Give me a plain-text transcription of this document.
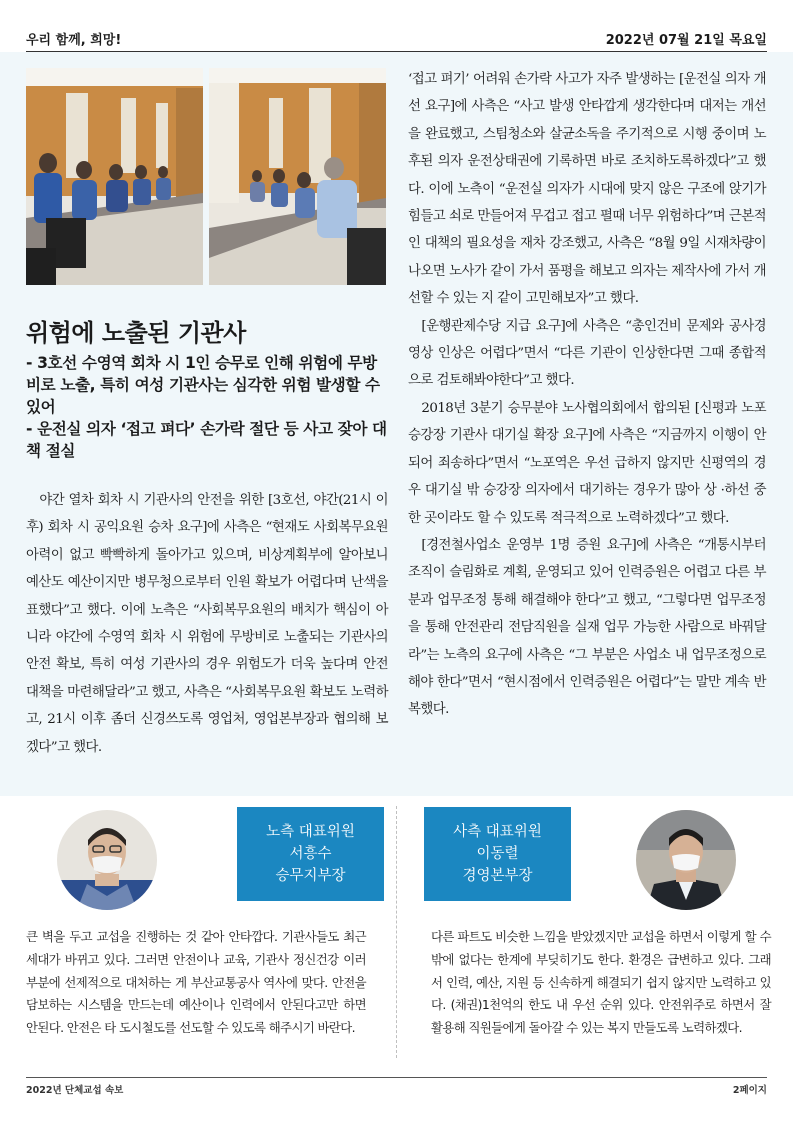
우리 함께, 희망!	2022년 07월 21일 목요일
위험에 노출된 기관사
- 3호선 수영역 회차 시 1인 승무로 인해 위험에 무방비로 노출, 특히 여성 기관사는 심각한 위험 발생할 수 있어
- 운전실 의자 ‘접고 펴다’ 손가락 절단 등 사고 잦아 대책 절실

야간 열차 회차 시 기관사의 안전을 위한 [3호선, 야간(21시 이후) 회차 시 공익요원 승차 요구]에 사측은 “현재도 사회복무요원 아력이 없고 빡빡하게 돌아가고 있으며, 비상계획부에 알아보니 예산도 예산이지만 병무청으로부터 인원 확보가 어렵다며 난색을 표했다”고 했다. 이에 노측은 “사회복무요원의 배치가 핵심이 아니라 야간에 수영역 회차 시 위험에 무방비로 노출되는 기관사의 안전 확보, 특히 여성 기관사의 경우 위험도가 더욱 높다며 안전 대책을 마련해달라”고 했고, 사측은 “사회복무요원 확보도 노력하고, 21시 이후 좀더 신경쓰도록 영업처, 영업본부장과 협의해 보겠다”고 했다.

‘접고 펴기’ 어려워 손가락 사고가 자주 발생하는 [운전실 의자 개선 요구]에 사측은 “사고 발생 안타깝게 생각한다며 대저는 개선을 완료했고, 스팀청소와 살균소독을 주기적으로 시행 중이며 노후된 의자 운전상태권에 기록하면 바로 조치하도록하겠다”고 했다. 이에 노측이 “운전실 의자가 시대에 맞지 않은 구조에 앉기가 힘들고 쇠로 만들어져 무겁고 접고 펼때 너무 위험하다”며 근본적인 대책의 필요성을 재차 강조했고, 사측은 “8월 9일 시재차량이 나오면 노사가 같이 가서 품평을 해보고 의자는 제작사에 가서 개선할 수 있는 지 같이 고민해보자”고 했다.

[운행관제수당 지급 요구]에 사측은 “총인건비 문제와 공사경영상 인상은 어렵다”면서 “다른 기관이 인상한다면 그때 종합적으로 검토해봐야한다”고 했다.

2018년 3분기 승무분야 노사협의회에서 합의된 [신평과 노포 승강장 기관사 대기실 확장 요구]에 사측은 “지금까지 이행이 안되어 죄송하다”면서 “노포역은 우선 급하지 않지만 신평역의 경우 대기실 밖 승강장 의자에서 대기하는 경우가 많아 상 ·하선 중 한 곳이라도 할 수 있도록 적극적으로 노력하겠다”고 했다.

[경전철사업소 운영부 1명 증원 요구]에 사측은 “개통시부터 조직이 슬림화로 계획, 운영되고 있어 인력증원은 어렵고 다른 부분과 업무조정 통해 해결해야 한다”고 했고, “그렇다면 업무조정을 통해 안전관리 전담직원을 실재 업무 가능한 사람으로 바꿔달라”는 노측의 요구에 사측은 “그 부분은 사업소 내 업무조정으로 해야 한다”면서 “현시점에서 인력증원은 어렵다”는 말만 계속 반복했다.

노측 대표위원
서흥수
승무지부장

큰 벽을 두고 교섭을 진행하는 것 같아 안타깝다. 기관사들도 최근 세대가 바뀌고 있다. 그러면 안전이나 교육, 기관사 정신건강 이러 부분에 선제적으로 대처하는 게 부산교통공사 역사에 맞다. 안전을 담보하는 시스템을 만드는데 예산이나 인력에서 안된다고만 하면 안된다. 안전은 타 도시철도를 선도할 수 있도록 해주시기 바란다.

사측 대표위원
이동렬
경영본부장

다른 파트도 비슷한 느낌을 받았겠지만 교섭을 하면서 이렇게 할 수 밖에 없다는 한계에 부딪히기도 한다. 환경은 급변하고 있다. 그래서 인력, 예산, 지원 등 신속하게 해결되기 쉽지 않지만 노력하고 있다. (채권)1천억의 한도 내 우선 순위 있다. 안전위주로 하면서 잘 활용해 직원들에게 돌아갈 수 있는 복지 만들도록 노력하겠다.

2022년 단체교섭 속보	2페이지
